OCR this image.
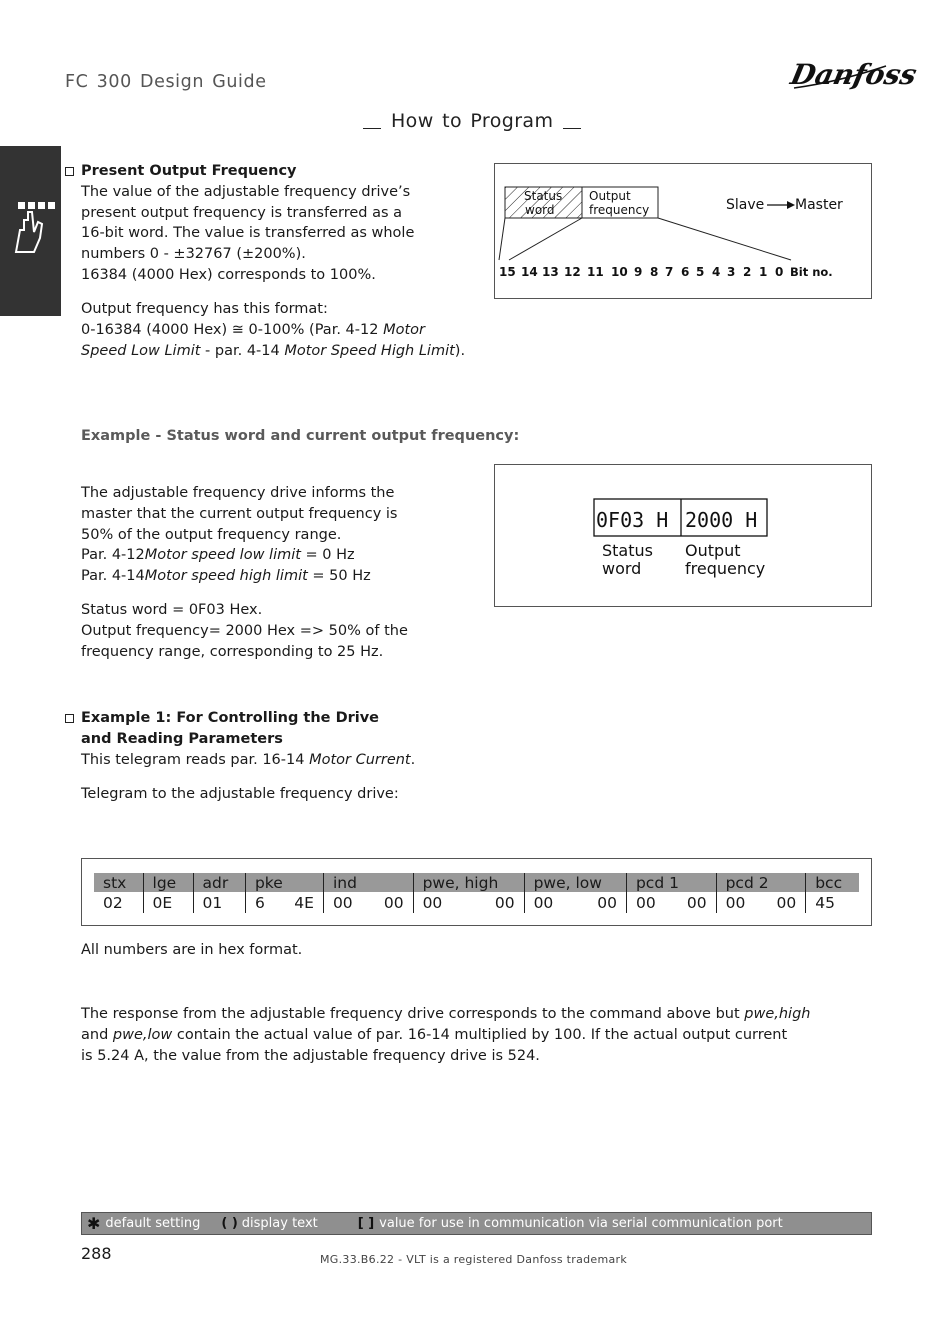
FC 300 Design Guide	Danfoss
How to Program
Present Output Frequency
The value of the adjustable frequency drive’s
present output frequency is transferred as a
16-bit word. The value is transferred as whole
numbers 0 - ±32767 (±200%).
16384 (4000 Hex) corresponds to 100%.
Output frequency has this format:
0-16384 (4000 Hex) ≅ 0-100% (Par. 4-12 Motor
Speed Low Limit - par. 4-14 Motor Speed High Limit).
Status
word
Output
frequency	Slave Master
15 14 13 12 11 10 9 8 7 6 5 4 3 2 1 0 Bit no.
Example - Status word and current output frequency:
The adjustable frequency drive informs the
master that the current output frequency is
50% of the output frequency range.
Par. 4-12Motor speed low limit = 0 Hz
Par. 4-14Motor speed high limit = 50 Hz
Status word = 0F03 Hex.
Output frequency= 2000 Hex => 50% of the
frequency range, corresponding to 25 Hz.
0F03 H 2000 H
Status
word
Output
frequency
Example 1: For Controlling the Drive
and Reading Parameters
This telegram reads par. 16-14 Motor Current.
Telegram to the adjustable frequency drive:
stx	lge	adr	pke	ind	pwe, high	pwe, low	pcd 1	pcd 2	bcc

02	0E	01	6 4E	00 00	00 00	00 00	00 00	00 00	45
All numbers are in hex format.
The response from the adjustable frequency drive corresponds to the command above but pwe,high
and pwe,low contain the actual value of par. 16-14 multiplied by 100. If the actual output current
is 5.24 A, the value from the adjustable frequency drive is 524.
✱ default setting ( ) display text	[ ] value for use in communication via serial communication port
288	MG.33.B6.22 - VLT is a registered Danfoss trademark
